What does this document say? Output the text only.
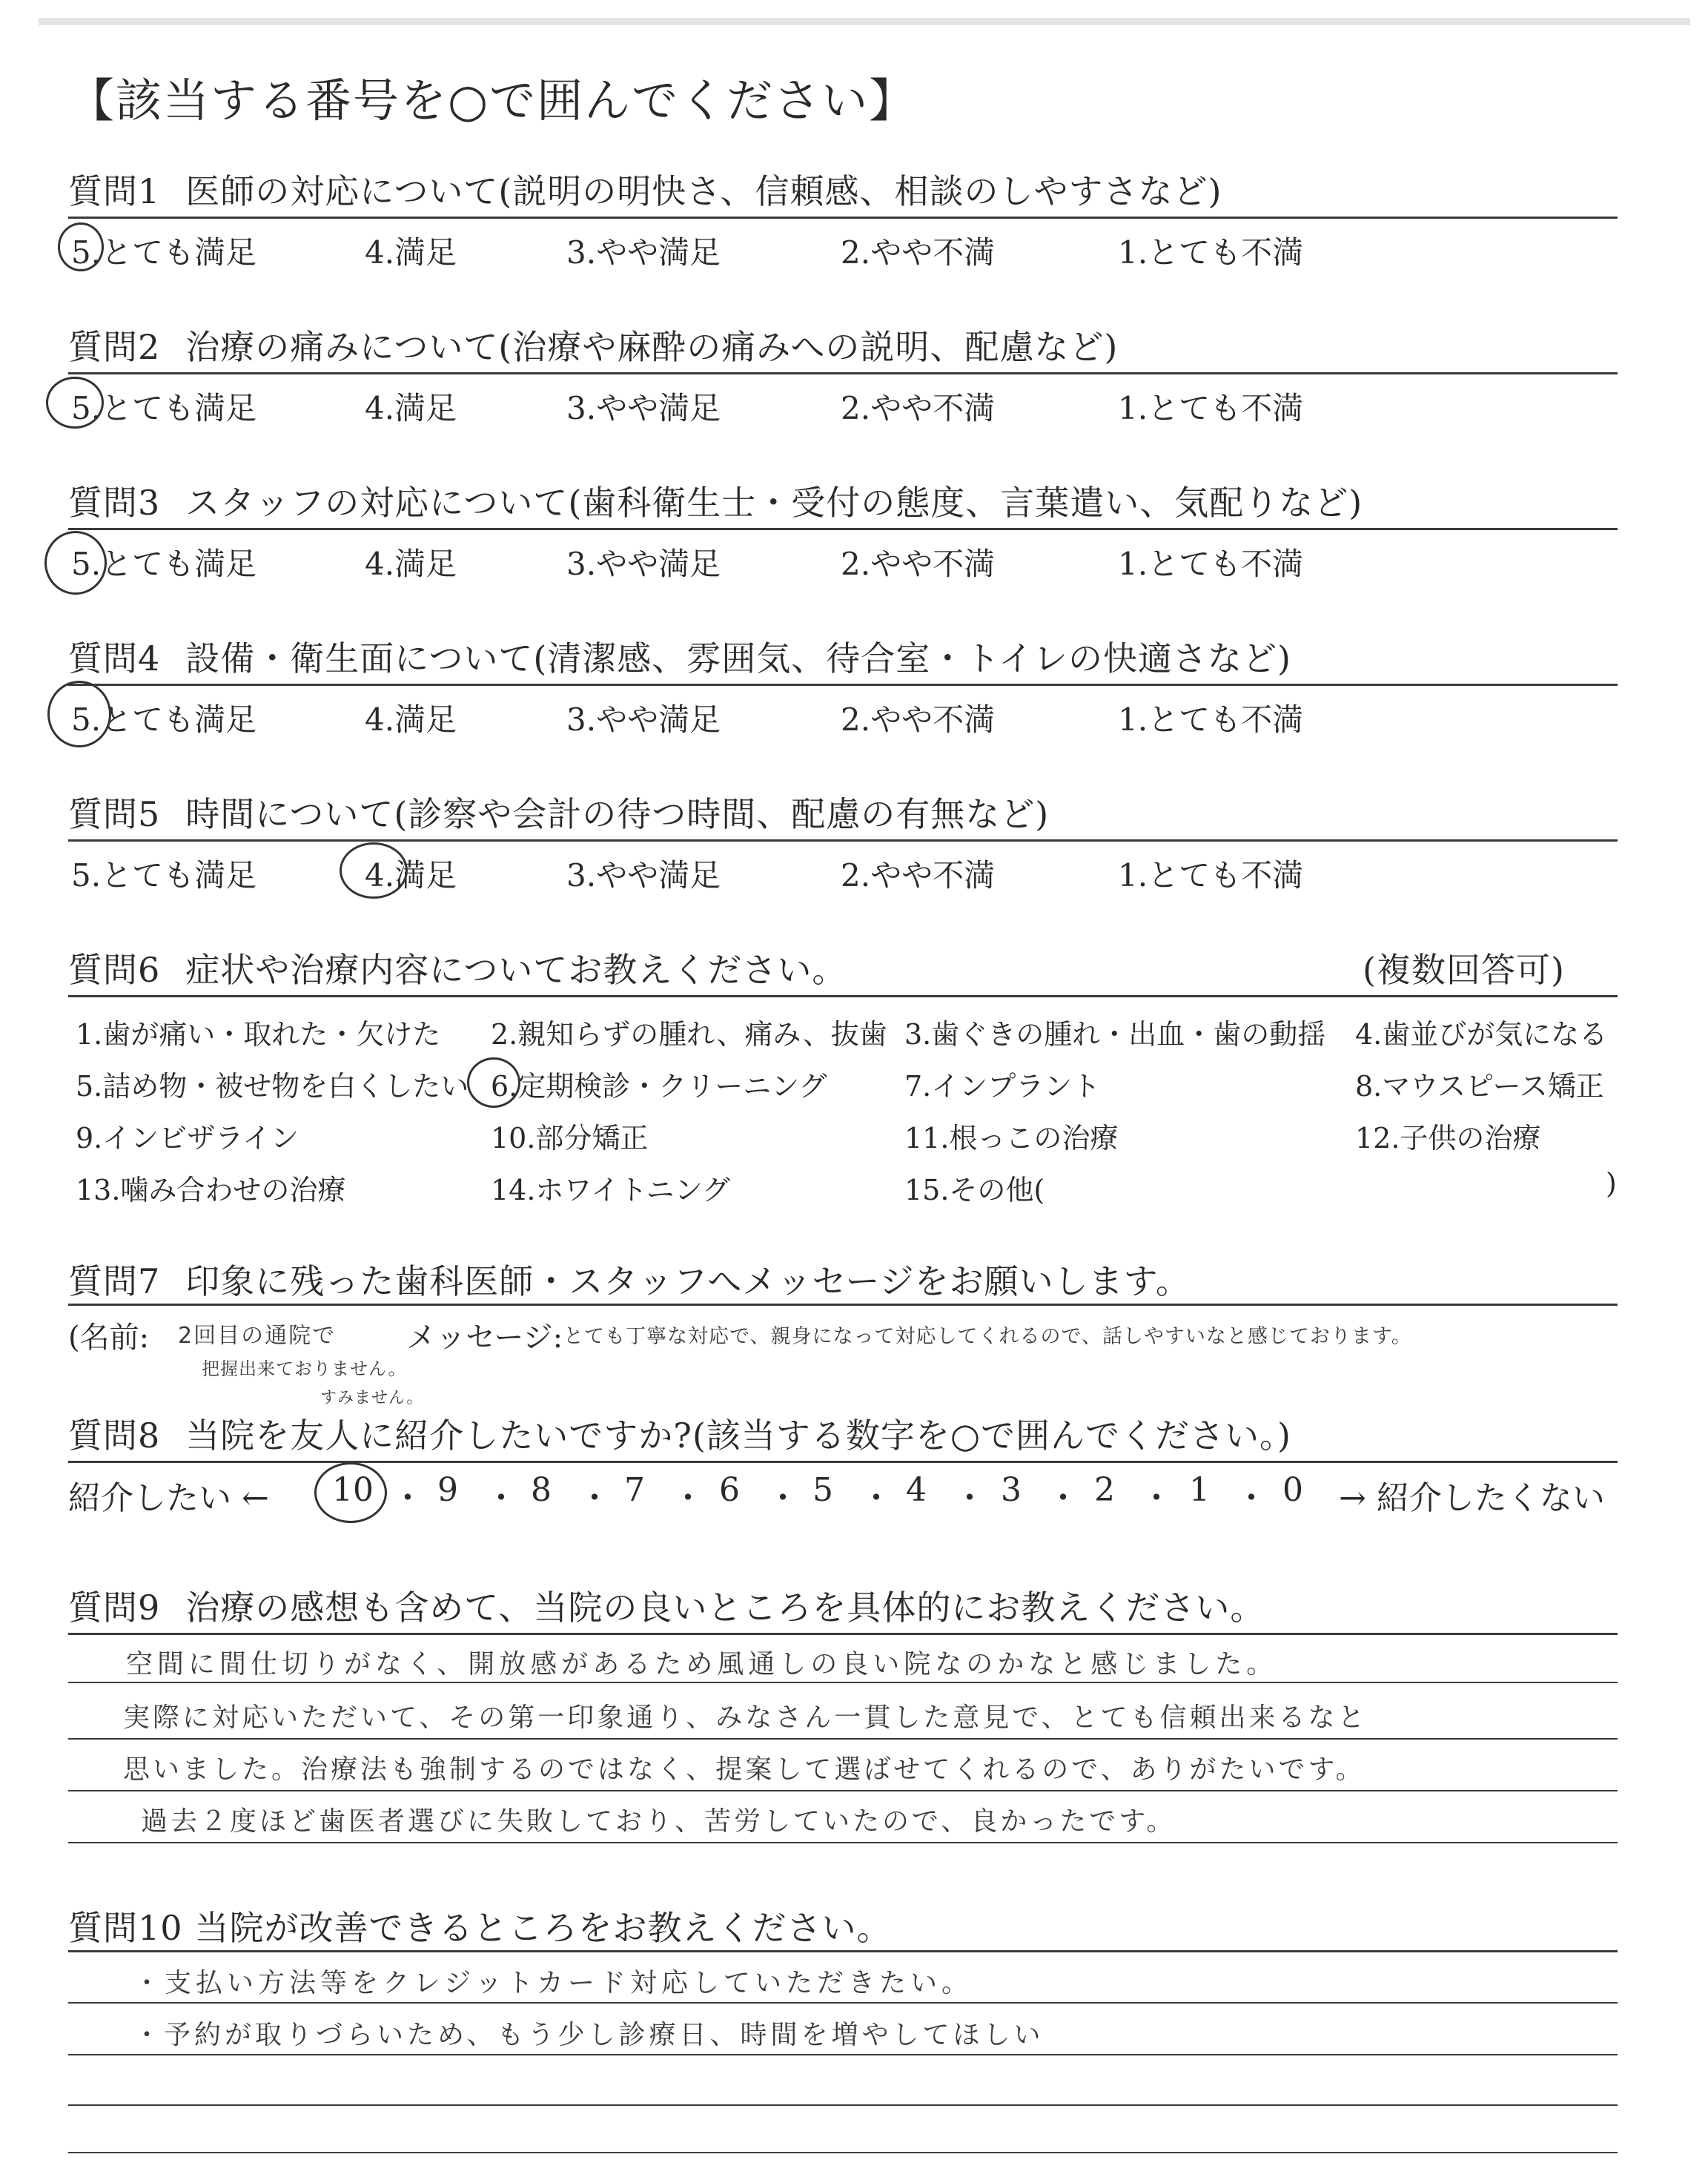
【該当する番号を○で囲んでください】
質問1 医師の対応について(説明の明快さ、信頼感、相談のしやすさなど)
5.とても満足	4.満足	3.やや満足	2.やや不満	1.とても不満
質問2 治療の痛みについて(治療や麻酔の痛みへの説明、配慮など)
5.とても満足	4.満足	3.やや満足	2.やや不満	1.とても不満
質問3 スタッフの対応について(歯科衛生士・受付の態度、言葉遣い、気配りなど)
5.とても満足	4.満足	3.やや満足	2.やや不満	1.とても不満
質問4 設備・衛生面について(清潔感、雰囲気、待合室・トイレの快適さなど)
5.とても満足	4.満足	3.やや満足	2.やや不満	1.とても不満
質問5 時間について(診察や会計の待つ時間、配慮の有無など)
5.とても満足	4.満足	3.やや満足	2.やや不満	1.とても不満
質問6 症状や治療内容についてお教えください。	(複数回答可)
1.歯が痛い・取れた・欠けた 2.親知らずの腫れ、痛み、抜歯 3.歯ぐきの腫れ・出血・歯の動揺 4.歯並びが気になる
5.詰め物・被せ物を白くしたい 6.定期検診・クリーニング	7.インプラント	8.マウスピース矯正
9.インビザライン	10.部分矯正	11.根っこの治療	12.子供の治療
13.噛み合わせの治療	14.ホワイトニング	15.その他(	)
質問7 印象に残った歯科医師・スタッフへメッセージをお願いします。
(名前: 2回目の通院で メッセージ: とても丁寧な対応で、親身になって対応してくれるので、話しやすいなと感じております。
把握出来ておりません。
すみません。
質問8 当院を友人に紹介したいですか?(該当する数字を○で囲んでください。)
紹介したい ← 10 ・ 9 ・ 8 ・ 7 ・ 6 ・ 5 ・ 4 ・ 3 ・ 2 ・ 1 ・ 0 → 紹介したくない
質問9 治療の感想も含めて、当院の良いところを具体的にお教えください。
空間に間仕切りがなく、開放感があるため風通しの良い院なのかなと感じました。
実際に対応いただいて、その第一印象通り、みなさん一貫した意見で、とても信頼出来るなと
思いました。治療法も強制するのではなく、提案して選ばせてくれるので、ありがたいです。
過去２度ほど歯医者選びに失敗しており、苦労していたので、良かったです。
質問10 当院が改善できるところをお教えください。
・支払い方法等をクレジットカード対応していただきたい。
・予約が取りづらいため、もう少し診療日、時間を増やしてほしい
